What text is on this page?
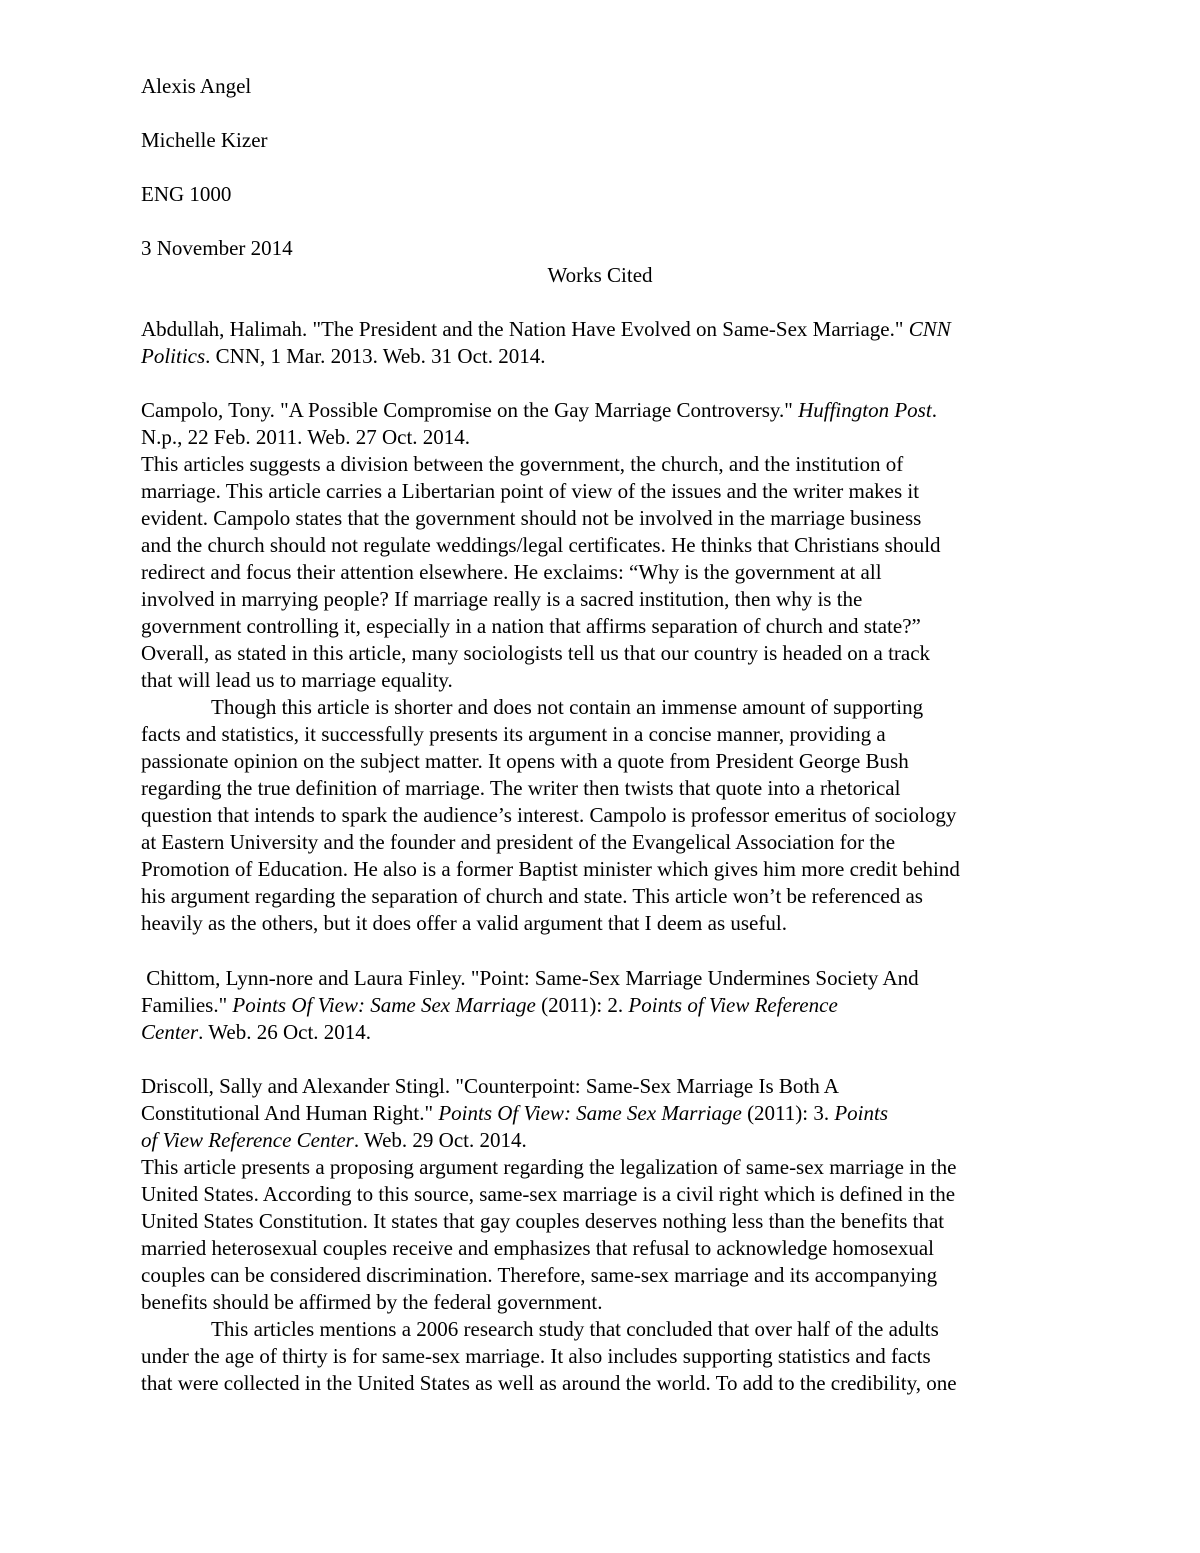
Alexis Angel

Michelle Kizer

ENG 1000

3 November 2014

Works Cited

Abdullah, Halimah. "The President and the Nation Have Evolved on Same-Sex Marriage." CNN
Politics. CNN, 1 Mar. 2013. Web. 31 Oct. 2014.

Campolo, Tony. "A Possible Compromise on the Gay Marriage Controversy." Huffington Post.
N.p., 22 Feb. 2011. Web. 27 Oct. 2014.

This articles suggests a division between the government, the church, and the institution of
marriage. This article carries a Libertarian point of view of the issues and the writer makes it
evident. Campolo states that the government should not be involved in the marriage business
and the church should not regulate weddings/legal certificates. He thinks that Christians should
redirect and focus their attention elsewhere. He exclaims: “Why is the government at all
involved in marrying people? If marriage really is a sacred institution, then why is the
government controlling it, especially in a nation that affirms separation of church and state?”
Overall, as stated in this article, many sociologists tell us that our country is headed on a track
that will lead us to marriage equality.

Though this article is shorter and does not contain an immense amount of supporting
facts and statistics, it successfully presents its argument in a concise manner, providing a
passionate opinion on the subject matter. It opens with a quote from President George Bush
regarding the true definition of marriage. The writer then twists that quote into a rhetorical
question that intends to spark the audience’s interest. Campolo is professor emeritus of sociology
at Eastern University and the founder and president of the Evangelical Association for the
Promotion of Education. He also is a former Baptist minister which gives him more credit behind
his argument regarding the separation of church and state. This article won’t be referenced as
heavily as the others, but it does offer a valid argument that I deem as useful.

Chittom, Lynn-nore and Laura Finley. "Point: Same-Sex Marriage Undermines Society And
Families." Points Of View: Same Sex Marriage (2011): 2. Points of View Reference
Center. Web. 26 Oct. 2014.

Driscoll, Sally and Alexander Stingl. "Counterpoint: Same-Sex Marriage Is Both A
Constitutional And Human Right." Points Of View: Same Sex Marriage (2011): 3. Points
of View Reference Center. Web. 29 Oct. 2014.

This article presents a proposing argument regarding the legalization of same-sex marriage in the
United States. According to this source, same-sex marriage is a civil right which is defined in the
United States Constitution. It states that gay couples deserves nothing less than the benefits that
married heterosexual couples receive and emphasizes that refusal to acknowledge homosexual
couples can be considered discrimination. Therefore, same-sex marriage and its accompanying
benefits should be affirmed by the federal government.

This articles mentions a 2006 research study that concluded that over half of the adults
under the age of thirty is for same-sex marriage. It also includes supporting statistics and facts
that were collected in the United States as well as around the world. To add to the credibility, one
